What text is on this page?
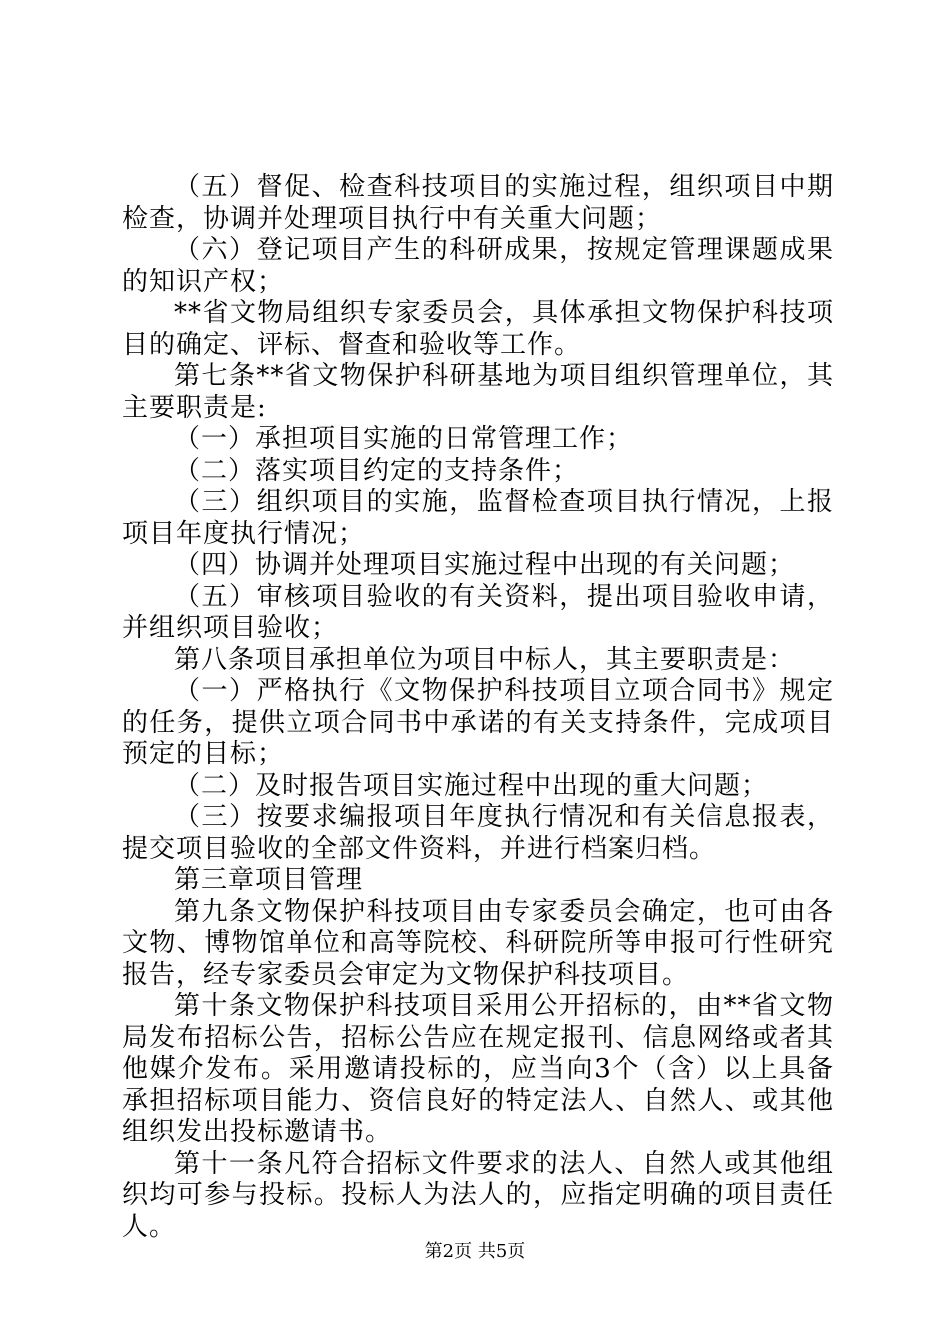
（五）督促、检查科技项目的实施过程，组织项目中期检查，协调并处理项目执行中有关重大问题；

（六）登记项目产生的科研成果，按规定管理课题成果的知识产权；

**省文物局组织专家委员会，具体承担文物保护科技项目的确定、评标、督查和验收等工作。

第七条**省文物保护科研基地为项目组织管理单位，其主要职责是:

（一）承担项目实施的日常管理工作；

（二）落实项目约定的支持条件；

（三）组织项目的实施，监督检查项目执行情况，上报项目年度执行情况；

（四）协调并处理项目实施过程中出现的有关问题；

（五）审核项目验收的有关资料，提出项目验收申请，并组织项目验收；

第八条项目承担单位为项目中标人，其主要职责是：

（一）严格执行《文物保护科技项目立项合同书》规定的任务，提供立项合同书中承诺的有关支持条件，完成项目预定的目标；

（二）及时报告项目实施过程中出现的重大问题；

（三）按要求编报项目年度执行情况和有关信息报表，提交项目验收的全部文件资料，并进行档案归档。

第三章项目管理

第九条文物保护科技项目由专家委员会确定，也可由各文物、博物馆单位和高等院校、科研院所等申报可行性研究报告，经专家委员会审定为文物保护科技项目。

第十条文物保护科技项目采用公开招标的，由**省文物局发布招标公告，招标公告应在规定报刊、信息网络或者其他媒介发布。采用邀请投标的，应当向3个（含）以上具备承担招标项目能力、资信良好的特定法人、自然人、或其他组织发出投标邀请书。

第十一条凡符合招标文件要求的法人、自然人或其他组织均可参与投标。投标人为法人的，应指定明确的项目责任人。

第2页 共5页
